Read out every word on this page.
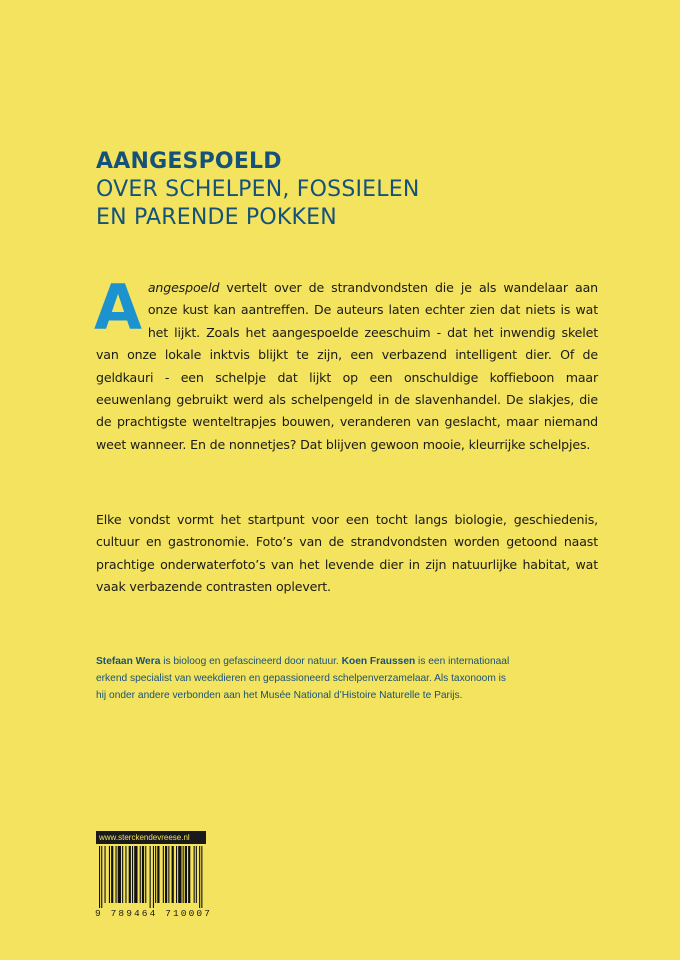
AANGESPOELD
OVER SCHELPEN, FOSSIELEN
EN PARENDE POKKEN
Aangespoeld vertelt over de strandvondsten die je als wandelaar aan onze kust kan aantreffen. De auteurs laten echter zien dat niets is wat het lijkt. Zoals het aangespoelde zeeschuim - dat het inwendig skelet van onze lokale inktvis blijkt te zijn, een verbazend intelligent dier. Of de geldkauri - een schelpje dat lijkt op een onschuldige koffieboon maar eeuwenlang gebruikt werd als schelpengeld in de slavenhandel. De slakjes, die de prachtigste wenteltrapjes bouwen, veranderen van geslacht, maar niemand weet wanneer. En de nonnetjes? Dat blijven gewoon mooie, kleurrijke schelpjes.
Elke vondst vormt het startpunt voor een tocht langs biologie, geschiedenis, cultuur en gastronomie. Foto’s van de strandvondsten worden getoond naast prachtige onderwaterfoto’s van het levende dier in zijn natuurlijke habitat, wat vaak verbazende contrasten oplevert.
Stefaan Wera is bioloog en gefascineerd door natuur. Koen Fraussen is een internationaal erkend specialist van weekdieren en gepassioneerd schelpenverzamelaar. Als taxonoom is hij onder andere verbonden aan het Musée National d’Histoire Naturelle te Parijs.
www.sterckendevreese.nl
9 789464 710007
